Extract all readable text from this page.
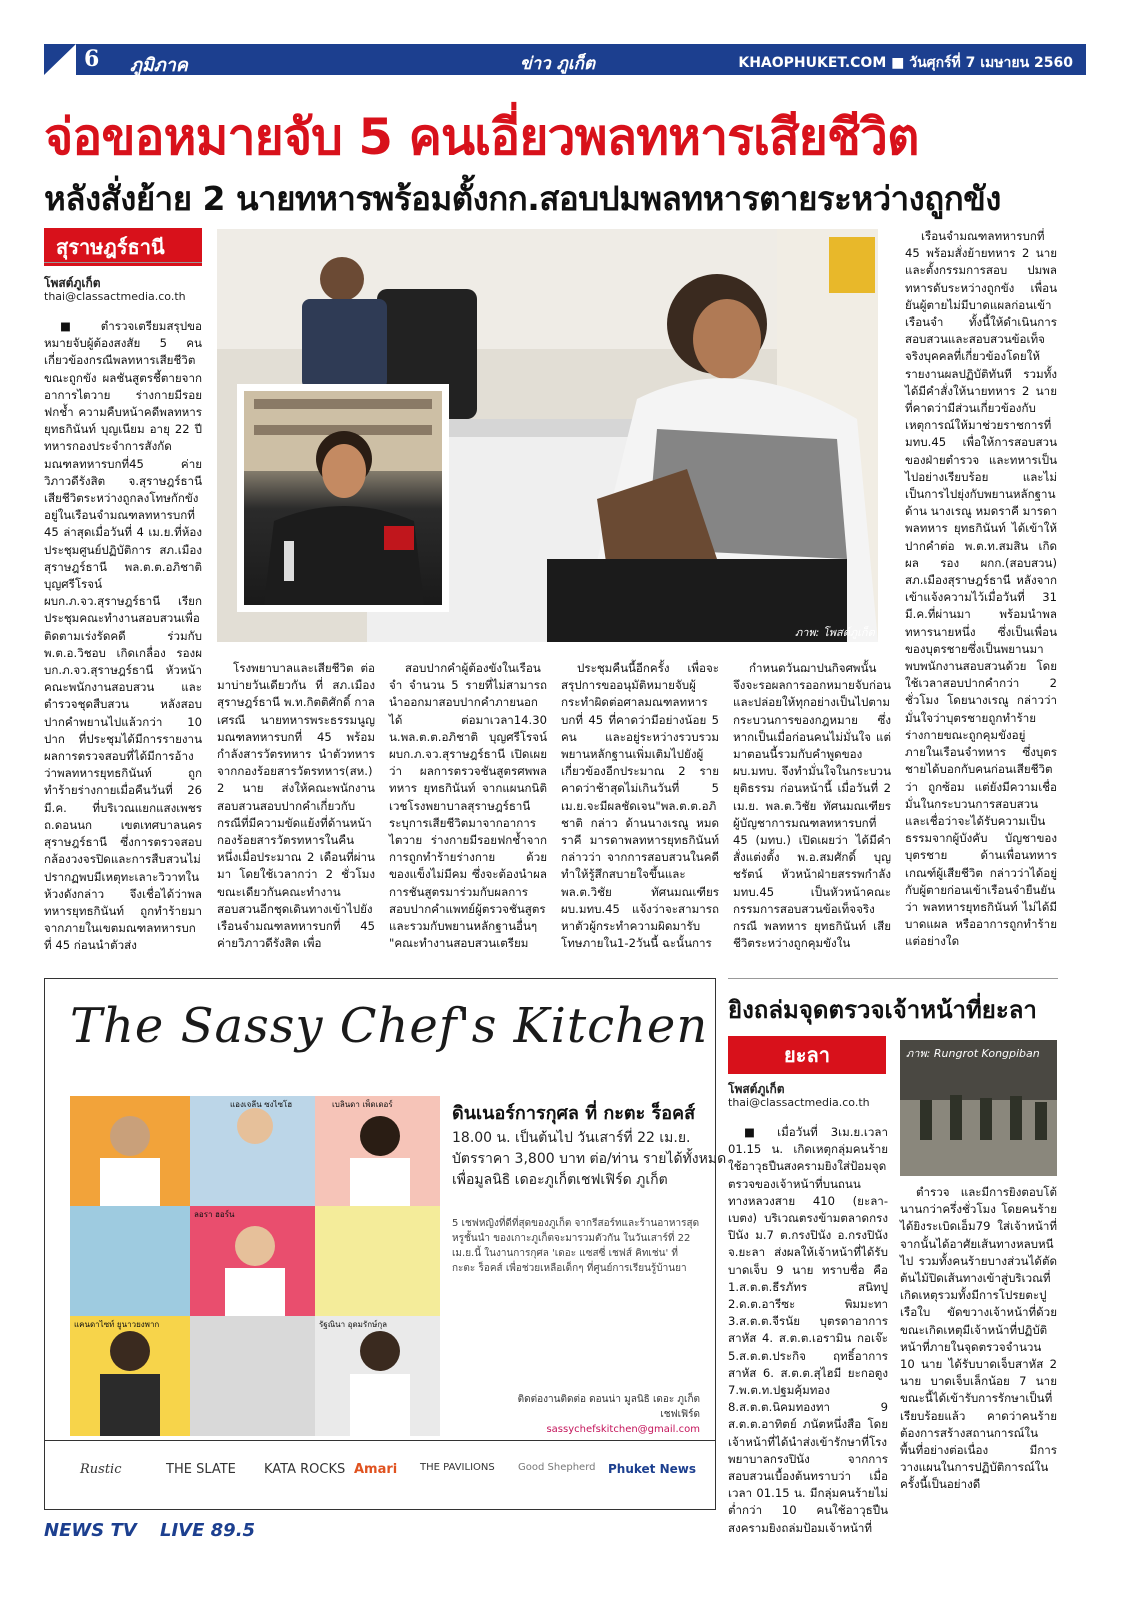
6	ภูมิภาค	ข่าว ภูเก็ต	KHAOPHUKET.COM ■ วันศุกร์ที่ 7 เมษายน 2560
จ่อขอหมายจับ 5 คนเอี่ยวพลทหารเสียชีวิต
หลังสั่งย้าย 2 นายทหารพร้อมตั้งกก.สอบปมพลทหารตายระหว่างถูกขัง
สุราษฎร์ธานี
โพสต์ภูเก็ต
thai@classactmedia.co.th
ภาพ: โพสต์ภูเก็ต

■ ตำรวจเตรียมสรุปขอหมายจับผู้ต้องสงสัย 5 คน เกี่ยวข้องกรณีพลทหารเสียชีวิตขณะถูกขัง ผลชันสูตรชี้ตายจากอาการไตวาย ร่างกายมีรอยฟกช้ำ ความคืบหน้าคดีพลทหารยุทธกินันท์ บุญเนียม อายุ 22 ปี ทหารกองประจำการสังกัดมณฑลทหารบกที่45 ค่ายวิภาวดีรังสิต จ.สุราษฎร์ธานี เสียชีวิตระหว่างถูกลงโทษกักขังอยู่ในเรือนจำมณฑลทหารบกที่ 45 ล่าสุดเมื่อวันที่ 4 เม.ย.ที่ห้องประชุมศูนย์ปฏิบัติการ สภ.เมืองสุราษฎร์ธานี พล.ต.ต.อภิชาติ บุญศรีโรจน์ ผบก.ภ.จว.สุราษฎร์ธานี เรียกประชุมคณะทำงานสอบสวนเพื่อติดตามเร่งรัดคดี ร่วมกับ พ.ต.อ.วิชอบ เกิดเกลื่อง รองผบก.ภ.จว.สุราษฎร์ธานี หัวหน้าคณะพนักงานสอบสวน และตำรวจชุดสืบสวน หลังสอบปากคำพยานไปแล้วกว่า 10 ปาก ที่ประชุมได้มีการรายงานผลการตรวจสอบที่ได้มีการอ้างว่าพลทหารยุทธกินันท์ ถูกทำร้ายร่างกายเมื่อคืนวันที่ 26 มี.ค. ที่บริเวณแยกแสงเพชร ถ.ดอนนก เขตเทศบาลนครสุราษฎร์ธานี ซึ่งการตรวจสอบกล้องวงจรปิดและการสืบสวนไม่ปรากฏพบมีเหตุทะเลาะวิวาทในห้วงดังกล่าว จึงเชื่อได้ว่าพลทหารยุทธกินันท์ ถูกทำร้ายมาจากภายในเขตมณฑลทหารบกที่ 45 ก่อนนำตัวส่ง

โรงพยาบาลและเสียชีวิต ต่อมาบ่ายวันเดียวกัน ที่ สภ.เมืองสุราษฎร์ธานี พ.ท.กิตติศักดิ์ กาลเศรณี นายทหารพระธรรมนูญ มณฑลทหารบกที่ 45 พร้อมกำลังสารวัตรทหาร นำตัวทหารจากกองร้อยสารวัตรทหาร(สห.) 2 นาย ส่งให้คณะพนักงานสอบสวนสอบปากคำเกี่ยวกับกรณีที่มีความขัดแย้งที่ด้านหน้ากองร้อยสารวัตรทหารในคืนหนึ่งเมื่อประมาณ 2 เดือนที่ผ่านมา โดยใช้เวลากว่า 2 ชั่วโมง ขณะเดียวกันคณะทำงานสอบสวนอีกชุดเดินทางเข้าไปยังเรือนจำมณฑลทหารบกที่ 45 ค่ายวิภาวดีรังสิต เพื่อ

สอบปากคำผู้ต้องขังในเรือนจำ จำนวน 5 รายที่ไม่สามารถนำออกมาสอบปากคำภายนอกได้ ต่อมาเวลา14.30 น.พล.ต.ต.อภิชาติ บุญศรีโรจน์ ผบก.ภ.จว.สุราษฎร์ธานี เปิดเผยว่า ผลการตรวจชันสูตรศพพลทหาร ยุทธกินันท์ จากแผนกนิติเวชโรงพยาบาลสุราษฎร์ธานี ระบุการเสียชีวิตมาจากอาการไตวาย ร่างกายมีรอยฟกช้ำจากการถูกทำร้ายร่างกาย ด้วยของแข็งไม่มีคม ซึ่งจะต้องนำผลการชันสูตรมาร่วมกับผลการสอบปากคำแพทย์ผู้ตรวจชันสูตรและรวมกับพยานหลักฐานอื่นๆ "คณะทำงานสอบสวนเตรียม

ประชุมคืนนี้อีกครั้ง เพื่อจะสรุปการขออนุมัติหมายจับผู้กระทำผิดต่อศาลมณฑลทหารบกที่ 45 ที่คาดว่ามีอย่างน้อย 5 คน และอยู่ระหว่างรวบรวมพยานหลักฐานเพิ่มเติมไปยังผู้เกี่ยวข้องอีกประมาณ 2 ราย คาดว่าช้าสุดไม่เกินวันที่ 5 เม.ย.จะมีผลชัดเจน"พล.ต.ต.อภิชาติ กล่าว ด้านนางเรณู หมดราคี มารดาพลทหารยุทธกินันท์ กล่าวว่า จากการสอบสวนในคดีทำให้รู้สึกสบายใจขึ้นและ พล.ต.วิชัย ทัศนมณเฑียร ผบ.มทบ.45 แจ้งว่าจะสามารถหาตัวผู้กระทำความผิดมารับโทษภายใน1-2วันนี้ ฉะนั้นการ

กำหนดวันฌาปนกิจศพนั้น จึงจะรอผลการออกหมายจับก่อน และปล่อยให้ทุกอย่างเป็นไปตามกระบวนการของกฎหมาย ซึ่งหากเป็นเมื่อก่อนคนไม่มั่นใจ แต่มาตอนนี้รวมกับคำพูดของ ผบ.มทบ. จึงทำมั่นใจในกระบวนยุติธรรม ก่อนหน้านี้ เมื่อวันที่ 2 เม.ย. พล.ต.วิชัย ทัศนมณเฑียร ผู้บัญชาการมณฑลทหารบกที่ 45 (มทบ.) เปิดเผยว่า ได้มีคำสั่งแต่งตั้ง พ.อ.สมศักดิ์ บุญชรัตน์ หัวหน้าฝ่ายสรรพกำลัง มทบ.45 เป็นหัวหน้าคณะกรรมการสอบสวนข้อเท็จจริงกรณี พลทหาร ยุทธกินันท์ เสียชีวิตระหว่างถูกคุมขังใน

เรือนจำมณฑลทหารบกที่ 45 พร้อมสั่งย้ายทหาร 2 นายและตั้งกรรมการสอบ ปมพลทหารดับระหว่างถูกขัง เพื่อนยันผู้ตายไม่มีบาดแผลก่อนเข้าเรือนจำ ทั้งนี้ให้ดำเนินการสอบสวนและสอบสวนข้อเท็จจริงบุคคลที่เกี่ยวข้องโดยให้รายงานผลปฏิบัติทันที รวมทั้งได้มีคำสั่งให้นายทหาร 2 นายที่คาดว่ามีส่วนเกี่ยวข้องกับเหตุการณ์ให้มาช่วยราชการที่ มทบ.45 เพื่อให้การสอบสวนของฝ่ายตำรวจ และทหารเป็นไปอย่างเรียบร้อย และไม่เป็นการไปยุ่งกับพยานหลักฐาน ด้าน นางเรณู หมดราคี มารดาพลทหาร ยุทธกินันท์ ได้เข้าให้ปากคำต่อ พ.ต.ท.สมสิน เกิดผล รอง ผกก.(สอบสวน) สภ.เมืองสุราษฎร์ธานี หลังจากเข้าแจ้งความไว้เมื่อวันที่ 31 มี.ค.ที่ผ่านมา พร้อมนำพลทหารนายหนึ่ง ซึ่งเป็นเพื่อนของบุตรชายซึ่งเป็นพยานมาพบพนักงานสอบสวนด้วย โดยใช้เวลาสอบปากคำกว่า 2 ชั่วโมง โดยนางเรณู กล่าวว่า มั่นใจว่าบุตรชายถูกทำร้ายร่างกายขณะถูกคุมขังอยู่ภายในเรือนจำทหาร ซึ่งบุตรชายได้บอกกับคนก่อนเสียชีวิตว่า ถูกซ้อม แต่ยังมีความเชื่อมั่นในกระบวนการสอบสวน และเชื่อว่าจะได้รับความเป็นธรรมจากผู้บังคับ บัญชาของบุตรชาย ด้านเพื่อนทหารเกณฑ์ผู้เสียชีวิต กล่าวว่าได้อยู่กับผู้ตายก่อนเข้าเรือนจำยืนยันว่า พลทหารยุทธกินันท์ ไม่ได้มีบาดแผล หรืออาการถูกทำร้ายแต่อย่างใด

The Sassy Chef's Kitchen
แองเจลีน ซงไซโฮ	เบลินดา เพ็ดเดอร์
ลอรา ฮอร์น
แคนดาไซท์ ยูนาวยงพาก	รัฐณินา อุดมรักษ์กุล
ดินเนอร์การกุศล ที่ กะตะ ร็อคส์
18.00 น. เป็นต้นไป วันเสาร์ที่ 22 เม.ย.
บัตรราคา 3,800 บาท ต่อ/ท่าน รายได้ทั้งหมด
เพื่อมูลนิธิ เดอะภูเก็ตเชฟเฟิร์ด ภูเก็ต
5 เชฟหญิงที่ดีที่สุดของภูเก็ต จากรีสอร์ทและร้านอาหารสุดหรูชั้นนำ ของเกาะภูเก็ตจะมารวมตัวกัน ในวันเสาร์ที่ 22 เม.ย.นี้ ในงานการกุศล 'เดอะ แซสซี่ เชฟส์ คิทเช่น' ที่ กะตะ ร็อคส์ เพื่อช่วยเหลือเด็กๆ ที่ศูนย์การเรียนรู้บ้านยา
ติดต่องานติดต่อ ดอนน่า มูลนิธิ เดอะ ภูเก็ต เชฟเฟิร์ด
sassychefskitchen@gmail.com
Rustic	THE SLATE KATA ROCKS Amari THE PAVILIONS Good Shepherd Phuket News
ยิงถล่มจุดตรวจเจ้าหน้าที่ยะลา
ยะลา
โพสต์ภูเก็ต
thai@classactmedia.co.th
ภาพ: Rungrot Kongpiban

■ เมื่อวันที่ 3เม.ย.เวลา 01.15 น. เกิดเหตุกลุ่มคนร้ายใช้อาวุธปืนสงครามยิงใส่ป้อมจุดตรวจของเจ้าหน้าที่บนถนนทางหลวงสาย 410 (ยะลา-เบตง) บริเวณตรงข้ามตลาดกรงปินัง ม.7 ต.กรงปินัง อ.กรงปินัง จ.ยะลา ส่งผลให้เจ้าหน้าที่ได้รับบาดเจ็บ 9 นาย ทราบชื่อ คือ 1.ส.ต.ต.ธีรภัทร สนิทปู 2.ด.ต.อารีซะ พิมมะทา 3.ส.ต.ต.จีรนัย บุตรดาอาการสาหัส 4. ส.ต.ต.เอรามิน กอเจ๊ะ 5.ส.ต.ต.ประกิจ ฤทธิ์อาการสาหัส 6. ส.ต.ต.สุไฮมี ยะกอตูง 7.พ.ต.ท.ปฐมคุ้มทอง 8.ส.ต.ต.นิคมทองทา 9 ส.ต.ต.อาทิตย์ ภนัตหนึ่งสือ โดยเจ้าหน้าที่ได้นำส่งเข้ารักษาที่โรงพยาบาลกรงปินัง จากการสอบสวนเบื้องต้นทราบว่า เมื่อเวลา 01.15 น. มีกลุ่มคนร้ายไม่ต่ำกว่า 10 คนใช้อาวุธปืนสงครามยิงถล่มป้อมเจ้าหน้าที่

ตำรวจ และมีการยิงตอบโต้นานกว่าครึ่งชั่วโมง โดยคนร้ายได้ยิงระเบิดเอ็ม79 ใส่เจ้าหน้าที่ จากนั้นได้อาศัยเส้นทางหลบหนีไป รวมทั้งคนร้ายบางส่วนได้ตัดต้นไม้ปิดเส้นทางเข้าสู่บริเวณที่เกิดเหตุรวมทั้งมีการโปรยตะปูเรือใบ ขัดขวางเจ้าหน้าที่ด้วย ขณะเกิดเหตุมีเจ้าหน้าที่ปฏิบัติหน้าที่ภายในจุดตรวจจำนวน 10 นาย ได้รับบาดเจ็บสาหัส 2 นาย บาดเจ็บเล็กน้อย 7 นาย ขณะนี้ได้เข้ารับการรักษาเป็นที่เรียบร้อยแล้ว คาดว่าคนร้ายต้องการสร้างสถานการณ์ในพื้นที่อย่างต่อเนื่อง มีการวางแผนในการปฏิบัติการณ์ในครั้งนี้เป็นอย่างดี

NEWS TV LIVE 89.5
